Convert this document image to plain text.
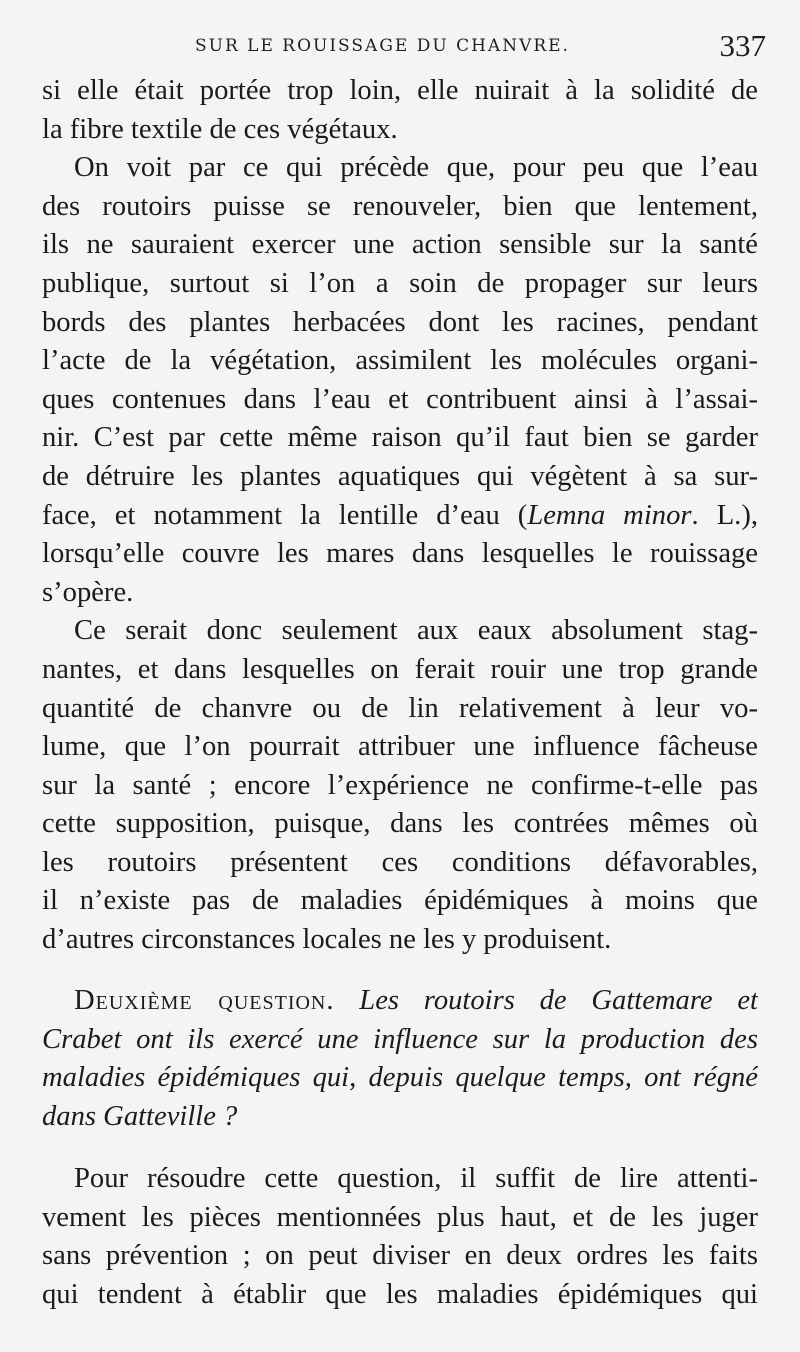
SUR LE ROUISSAGE DU CHANVRE.	337
si elle était portée trop loin, elle nuirait à la solidité de
la fibre textile de ces végétaux.
On voit par ce qui précède que, pour peu que l’eau
des routoirs puisse se renouveler, bien que lentement,
ils ne sauraient exercer une action sensible sur la santé
publique, surtout si l’on a soin de propager sur leurs
bords des plantes herbacées dont les racines, pendant
l’acte de la végétation, assimilent les molécules organi-
ques contenues dans l’eau et contribuent ainsi à l’assai-
nir. C’est par cette même raison qu’il faut bien se garder
de détruire les plantes aquatiques qui végètent à sa sur-
face, et notamment la lentille d’eau (Lemna minor. L.),
lorsqu’elle couvre les mares dans lesquelles le rouissage
s’opère.
Ce serait donc seulement aux eaux absolument stag-
nantes, et dans lesquelles on ferait rouir une trop grande
quantité de chanvre ou de lin relativement à leur vo-
lume, que l’on pourrait attribuer une influence fâcheuse
sur la santé ; encore l’expérience ne confirme-t-elle pas
cette supposition, puisque, dans les contrées mêmes où
les routoirs présentent ces conditions défavorables,
il n’existe pas de maladies épidémiques à moins que
d’autres circonstances locales ne les y produisent.
Deuxième question. Les routoirs de Gattemare et
Crabet ont ils exercé une influence sur la production des
maladies épidémiques qui, depuis quelque temps, ont régné
dans Gatteville ?
Pour résoudre cette question, il suffit de lire attenti-
vement les pièces mentionnées plus haut, et de les juger
sans prévention ; on peut diviser en deux ordres les faits
qui tendent à établir que les maladies épidémiques qui
